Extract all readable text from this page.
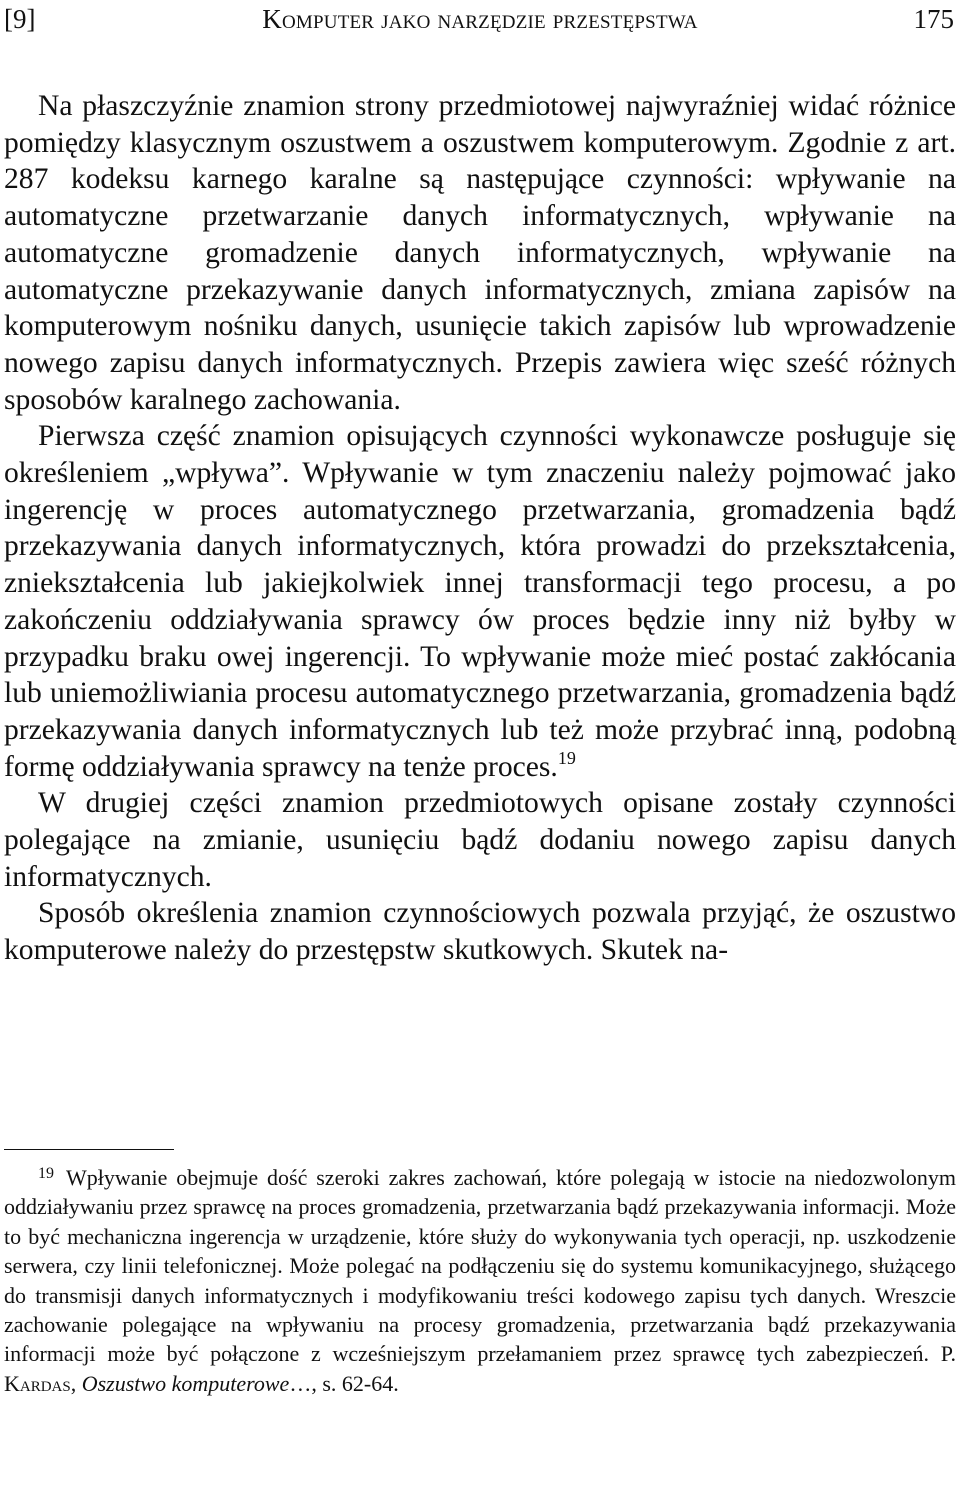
[9]	Komputer jako narzędzie przestępstwa	175

Na płaszczyźnie znamion strony przedmiotowej najwyraźniej widać różnice pomiędzy klasycznym oszustwem a oszustwem komputerowym. Zgodnie z art. 287 kodeksu karnego karalne są następujące czynności: wpływanie na automatyczne przetwarzanie danych informatycznych, wpływanie na automatyczne gromadzenie danych informatycznych, wpływanie na automatyczne przekazywanie danych informatycznych, zmiana zapisów na komputerowym nośniku danych, usunięcie takich zapisów lub wprowadzenie nowego zapisu danych informatycznych. Przepis zawiera więc sześć różnych sposobów karalnego zachowania.

Pierwsza część znamion opisujących czynności wykonawcze posługuje się określeniem „wpływa”. Wpływanie w tym znaczeniu należy pojmować jako ingerencję w proces automatycznego przetwarzania, gromadzenia bądź przekazywania danych informatycznych, która prowadzi do przekształcenia, zniekształcenia lub jakiejkolwiek innej transformacji tego procesu, a po zakończeniu oddziaływania sprawcy ów proces będzie inny niż byłby w przypadku braku owej ingerencji. To wpływanie może mieć postać zakłócania lub uniemożliwiania procesu automatycznego przetwarzania, gromadzenia bądź przekazywania danych informatycznych lub też może przybrać inną, podobną formę oddziaływania sprawcy na tenże proces.$^{19}$

W drugiej części znamion przedmiotowych opisane zostały czynności polegające na zmianie, usunięciu bądź dodaniu nowego zapisu danych informatycznych.

Sposób określenia znamion czynnościowych pozwala przyjąć, że oszustwo komputerowe należy do przestępstw skutkowych. Skutek na-

$^{19}$ Wpływanie obejmuje dość szeroki zakres zachowań, które polegają w istocie na niedozwolonym oddziaływaniu przez sprawcę na proces gromadzenia, przetwarzania bądź przekazywania informacji. Może to być mechaniczna ingerencja w urządzenie, które służy do wykonywania tych operacji, np. uszkodzenie serwera, czy linii telefonicznej. Może polegać na podłączeniu się do systemu komunikacyjnego, służącego do transmisji danych informatycznych i modyfikowaniu treści kodowego zapisu tych danych. Wreszcie zachowanie polegające na wpływaniu na procesy gromadzenia, przetwarzania bądź przekazywania informacji może być połączone z wcześniejszym przełamaniem przez sprawcę tych zabezpieczeń. P. Kardas, Oszustwo komputerowe…, s. 62-64.
